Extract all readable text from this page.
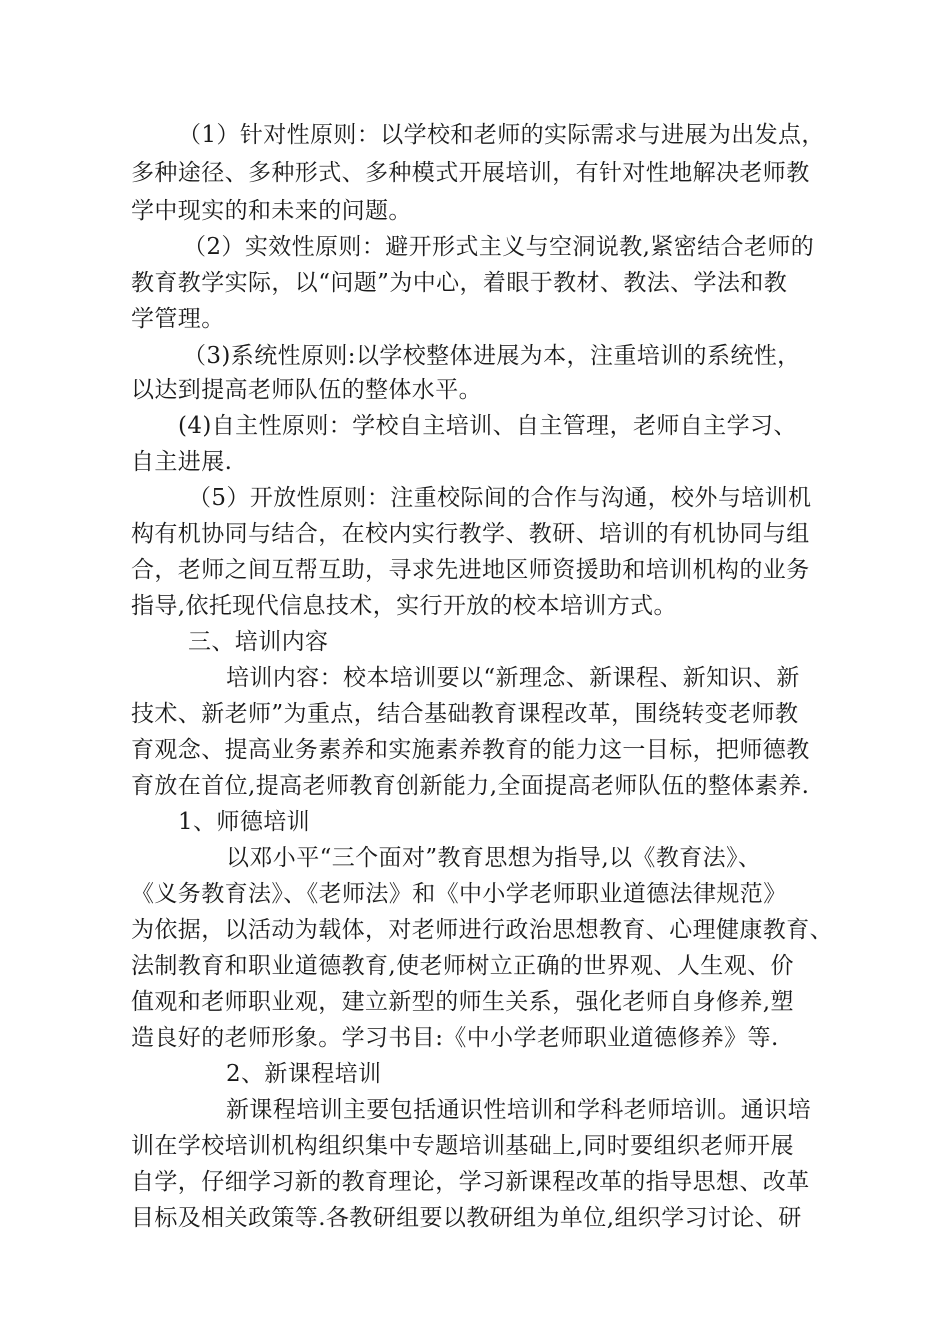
（1）针对性原则：以学校和老师的实际需求与进展为出发点，
多种途径、多种形式、多种模式开展培训，有针对性地解决老师教
学中现实的和未来的问题。
（2）实效性原则：避开形式主义与空洞说教,紧密结合老师的
教育教学实际，以“问题”为中心，着眼于教材、教法、学法和教
学管理。
（3)系统性原则:以学校整体进展为本，注重培训的系统性，
以达到提高老师队伍的整体水平。
(4)自主性原则：学校自主培训、自主管理，老师自主学习、
自主进展.
（5）开放性原则：注重校际间的合作与沟通，校外与培训机
构有机协同与结合，在校内实行教学、教研、培训的有机协同与组
合，老师之间互帮互助，寻求先进地区师资援助和培训机构的业务
指导,依托现代信息技术，实行开放的校本培训方式。
三、培训内容
培训内容：校本培训要以“新理念、新课程、新知识、新
技术、新老师”为重点，结合基础教育课程改革，围绕转变老师教
育观念、提高业务素养和实施素养教育的能力这一目标，把师德教
育放在首位,提高老师教育创新能力,全面提高老师队伍的整体素养.
1、师德培训
以邓小平“三个面对”教育思想为指导,以《教育法》、
《义务教育法》、《老师法》和《中小学老师职业道德法律规范》
为依据，以活动为载体，对老师进行政治思想教育、心理健康教育、
法制教育和职业道德教育,使老师树立正确的世界观、人生观、价
值观和老师职业观，建立新型的师生关系，强化老师自身修养,塑
造良好的老师形象。学习书目:《中小学老师职业道德修养》等.
2、新课程培训
新课程培训主要包括通识性培训和学科老师培训。通识培
训在学校培训机构组织集中专题培训基础上,同时要组织老师开展
自学，仔细学习新的教育理论，学习新课程改革的指导思想、改革
目标及相关政策等.各教研组要以教研组为单位,组织学习讨论、研
